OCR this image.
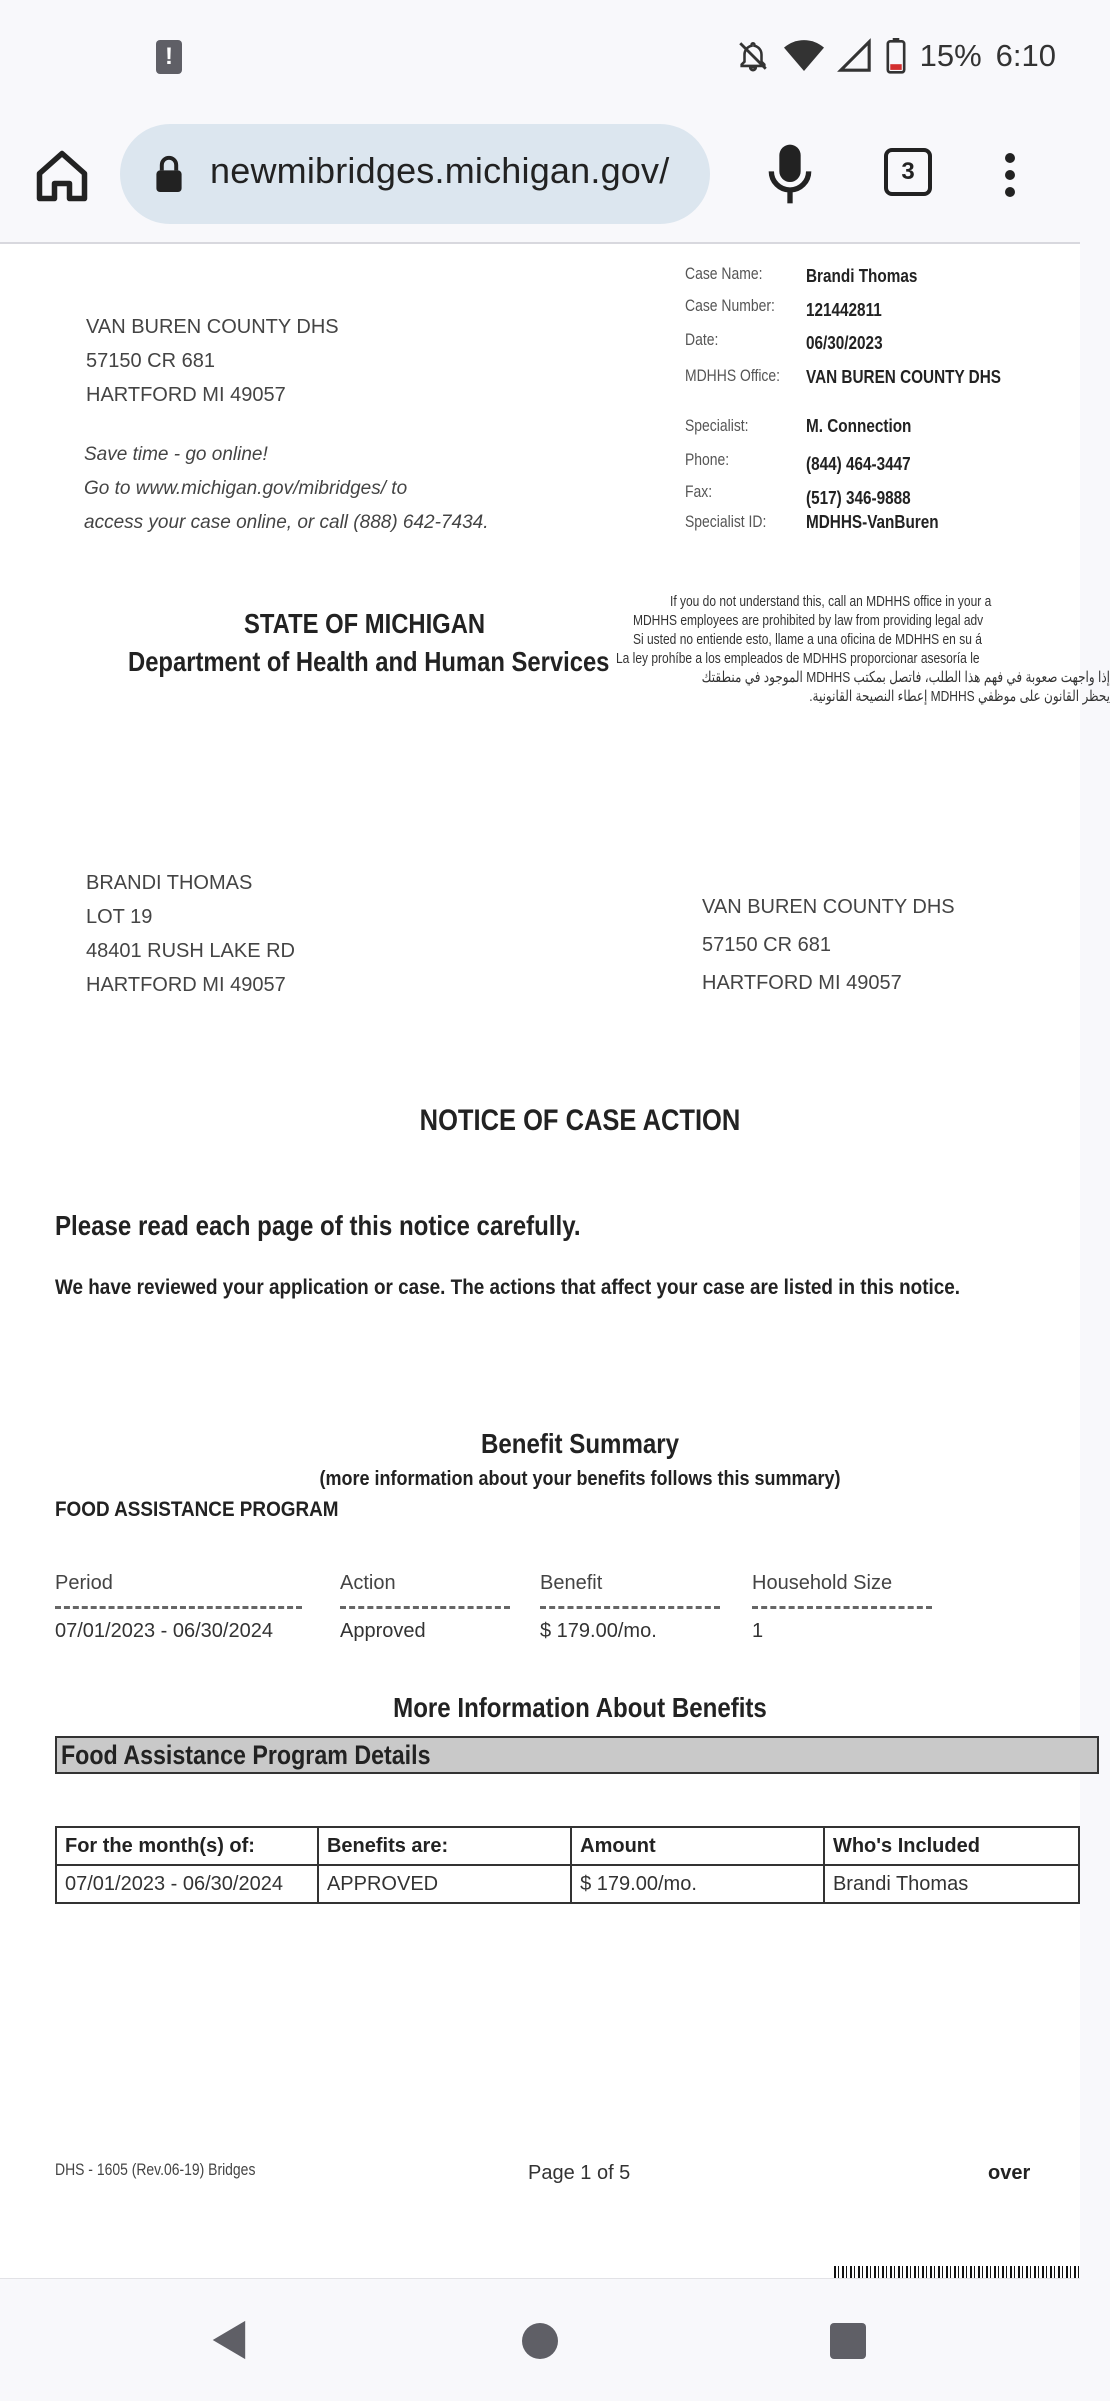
!	15% 6:10
newmibridges.michigan.gov/	3
VAN BUREN COUNTY DHS
57150 CR 681
HARTFORD MI 49057
Save time - go online!
Go to www.michigan.gov/mibridges/ to
access your case online, or call (888) 642-7434.
Case Name: Brandi Thomas
Case Number: 121442811
Date:	06/30/2023
MDHHS Office: VAN BUREN COUNTY DHS
Specialist:	M. Connection
Phone:	(844) 464-3447
Fax:	(517) 346-9888
Specialist ID: MDHHS-VanBuren
STATE OF MICHIGAN
Department of Health and Human Services
If you do not understand this, call an MDHHS office in your a
MDHHS employees are prohibited by law from providing legal adv
Si usted no entiende esto, llame a una oficina de MDHHS en su á
La ley prohíbe a los empleados de MDHHS proporcionar asesoría le
إذا واجهت صعوبة في فهم هذا الطلب، فاتصل بمكتب MDHHS الموجود في منطقتك
يحظر القانون على موظفي MDHHS إعطاء النصيحة القانونية.
BRANDI THOMAS
LOT 19
48401 RUSH LAKE RD
HARTFORD MI 49057
VAN BUREN COUNTY DHS
57150 CR 681
HARTFORD MI 49057
NOTICE OF CASE ACTION
Please read each page of this notice carefully.
We have reviewed your application or case. The actions that affect your case are listed in this notice.
Benefit Summary
(more information about your benefits follows this summary)
FOOD ASSISTANCE PROGRAM
Period	Action	Benefit	Household Size
07/01/2023 - 06/30/2024	Approved	$ 179.00/mo.	1
More Information About Benefits
Food Assistance Program Details
For the month(s) of:	Benefits are:	Amount	Who's Included
07/01/2023 - 06/30/2024	APPROVED	$ 179.00/mo.	Brandi Thomas
DHS - 1605 (Rev.06-19) Bridges	Page 1 of 5	over
